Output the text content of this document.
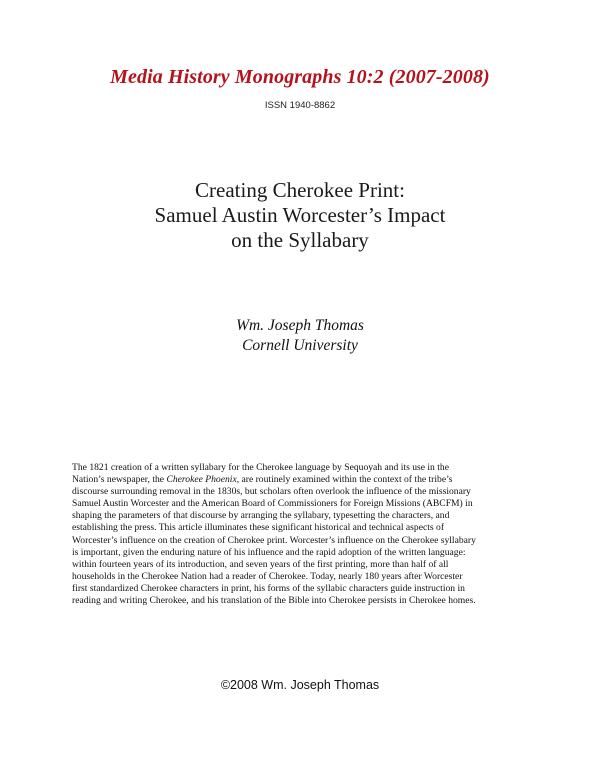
Media History Monographs 10:2 (2007-2008)
ISSN 1940-8862
Creating Cherokee Print:
Samuel Austin Worcester’s Impact
on the Syllabary
Wm. Joseph Thomas
Cornell University
The 1821 creation of a written syllabary for the Cherokee language by Sequoyah and its use in the
Nation’s newspaper, the Cherokee Phoenix, are routinely examined within the context of the tribe’s
discourse surrounding removal in the 1830s, but scholars often overlook the influence of the missionary
Samuel Austin Worcester and the American Board of Commissioners for Foreign Missions (ABCFM) in
shaping the parameters of that discourse by arranging the syllabary, typesetting the characters, and
establishing the press. This article illuminates these significant historical and technical aspects of
Worcester’s influence on the creation of Cherokee print. Worcester’s influence on the Cherokee syllabary
is important, given the enduring nature of his influence and the rapid adoption of the written language:
within fourteen years of its introduction, and seven years of the first printing, more than half of all
households in the Cherokee Nation had a reader of Cherokee. Today, nearly 180 years after Worcester
first standardized Cherokee characters in print, his forms of the syllabic characters guide instruction in
reading and writing Cherokee, and his translation of the Bible into Cherokee persists in Cherokee homes.
©2008 Wm. Joseph Thomas
